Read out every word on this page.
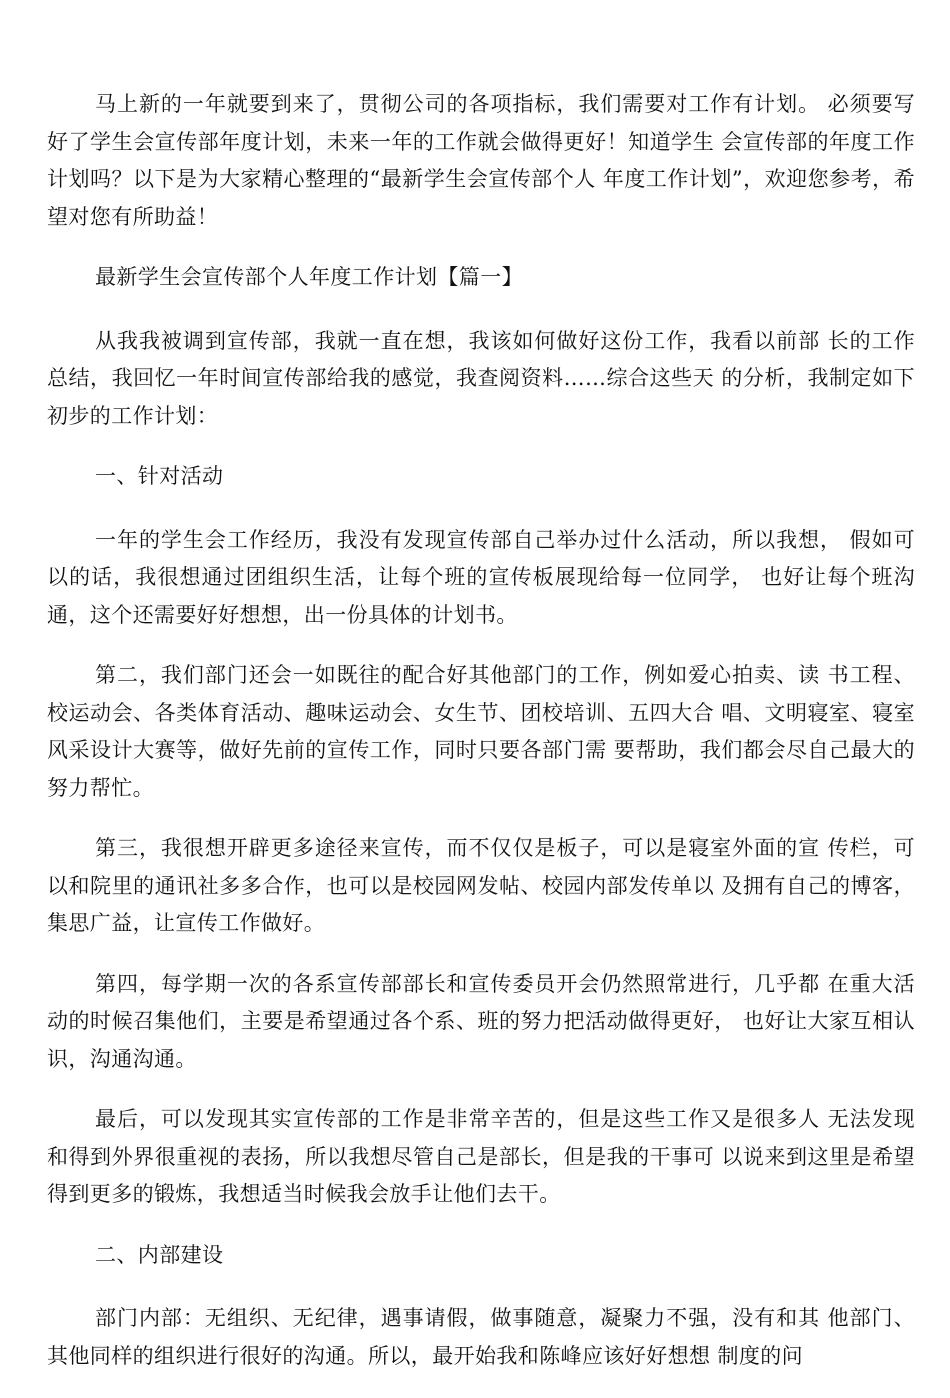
马上新的一年就要到来了，贯彻公司的各项指标，我们需要对工作有计划。 必须要写好了学生会宣传部年度计划，未来一年的工作就会做得更好！知道学生 会宣传部的年度工作计划吗？以下是为大家精心整理的“最新学生会宣传部个人 年度工作计划”，欢迎您参考，希望对您有所助益！

最新学生会宣传部个人年度工作计划【篇一】

从我我被调到宣传部，我就一直在想，我该如何做好这份工作，我看以前部 长的工作总结，我回忆一年时间宣传部给我的感觉，我查阅资料……综合这些天 的分析，我制定如下初步的工作计划：

一、针对活动

一年的学生会工作经历，我没有发现宣传部自己举办过什么活动，所以我想， 假如可以的话，我很想通过团组织生活，让每个班的宣传板展现给每一位同学， 也好让每个班沟通，这个还需要好好想想，出一份具体的计划书。

第二，我们部门还会一如既往的配合好其他部门的工作，例如爱心拍卖、读 书工程、校运动会、各类体育活动、趣味运动会、女生节、团校培训、五四大合 唱、文明寝室、寝室风采设计大赛等，做好先前的宣传工作，同时只要各部门需 要帮助，我们都会尽自己最大的努力帮忙。

第三，我很想开辟更多途径来宣传，而不仅仅是板子，可以是寝室外面的宣 传栏，可以和院里的通讯社多多合作，也可以是校园网发帖、校园内部发传单以 及拥有自己的博客，集思广益，让宣传工作做好。

第四，每学期一次的各系宣传部部长和宣传委员开会仍然照常进行，几乎都 在重大活动的时候召集他们，主要是希望通过各个系、班的努力把活动做得更好， 也好让大家互相认识，沟通沟通。

最后，可以发现其实宣传部的工作是非常辛苦的，但是这些工作又是很多人 无法发现和得到外界很重视的表扬，所以我想尽管自己是部长，但是我的干事可 以说来到这里是希望得到更多的锻炼，我想适当时候我会放手让他们去干。

二、内部建设

部门内部：无组织、无纪律，遇事请假，做事随意，凝聚力不强，没有和其 他部门、其他同样的组织进行很好的沟通。所以，最开始我和陈峰应该好好想想 制度的问
